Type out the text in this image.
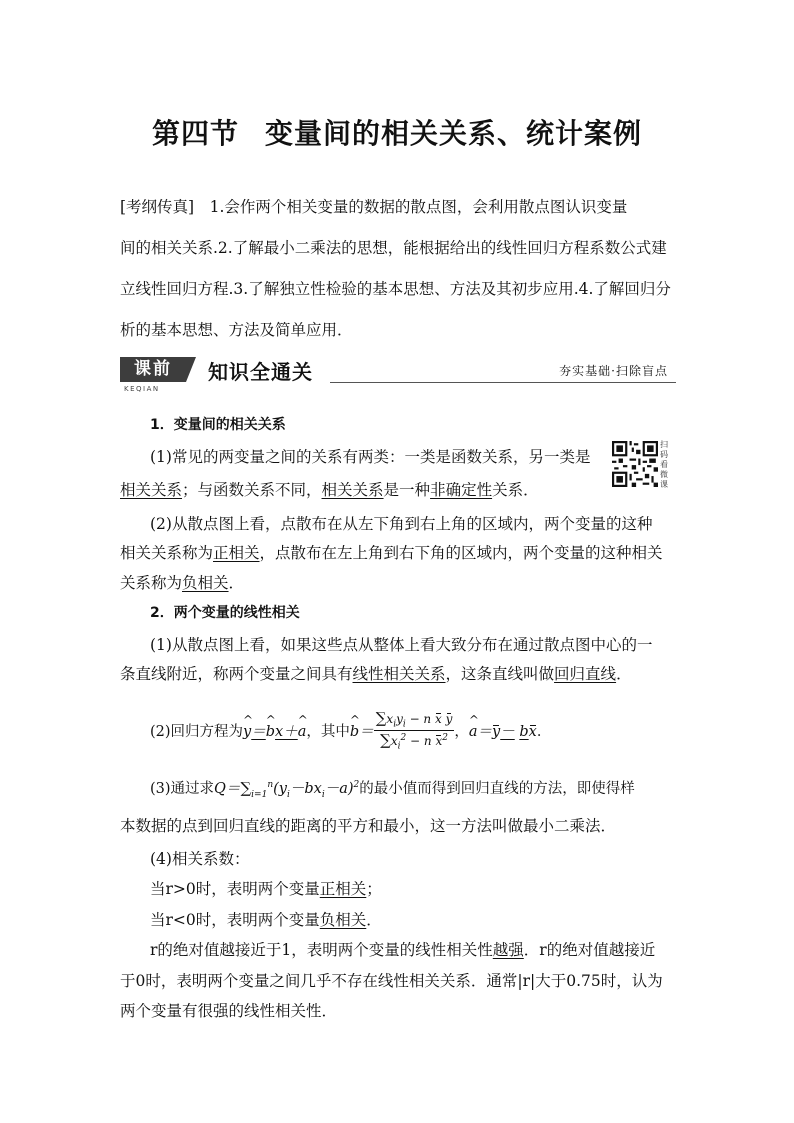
第四节 变量间的相关关系、统计案例
[考纲传真]　1.会作两个相关变量的数据的散点图，会利用散点图认识变量
间的相关关系.2.了解最小二乘法的思想，能根据给出的线性回归方程系数公式建
立线性回归方程.3.了解独立性检验的基本思想、方法及其初步应用.4.了解回归分
析的基本思想、方法及简单应用．
课前
KEQIAN
知识全通关	夯实基础·扫除盲点
扫码看微课
1．变量间的相关关系
(1)常见的两变量之间的关系有两类：一类是函数关系，另一类是
相关关系；与函数关系不同，相关关系是一种非确定性关系．
(2)从散点图上看，点散布在从左下角到右上角的区域内，两个变量的这种
相关关系称为正相关，点散布在左上角到右下角的区域内，两个变量的这种相关
关系称为负相关．
2．两个变量的线性相关
(1)从散点图上看，如果这些点从整体上看大致分布在通过散点图中心的一
条直线附近，称两个变量之间具有线性相关关系，这条直线叫做回归直线．
(2)回归方程为 ^ y＝^ bx＋^ a ，其中 ^ $b= \frac{\sum x_iy_i - n x y}{\sum x_i^2 - n x^2}$ ， ^ a＝y－ bx ．
(3)通过求$Q=\sum_{i=1}^n(y_i-bx_i-a)^2$的最小值而得到回归直线的方法，即使得样
本数据的点到回归直线的距离的平方和最小，这一方法叫做最小二乘法．
(4)相关系数：
当r>0时，表明两个变量正相关；
当r<0时，表明两个变量负相关．
r的绝对值越接近于1，表明两个变量的线性相关性越强．r的绝对值越接近
于0时，表明两个变量之间几乎不存在线性相关关系．通常|r|大于0.75时，认为
两个变量有很强的线性相关性．
